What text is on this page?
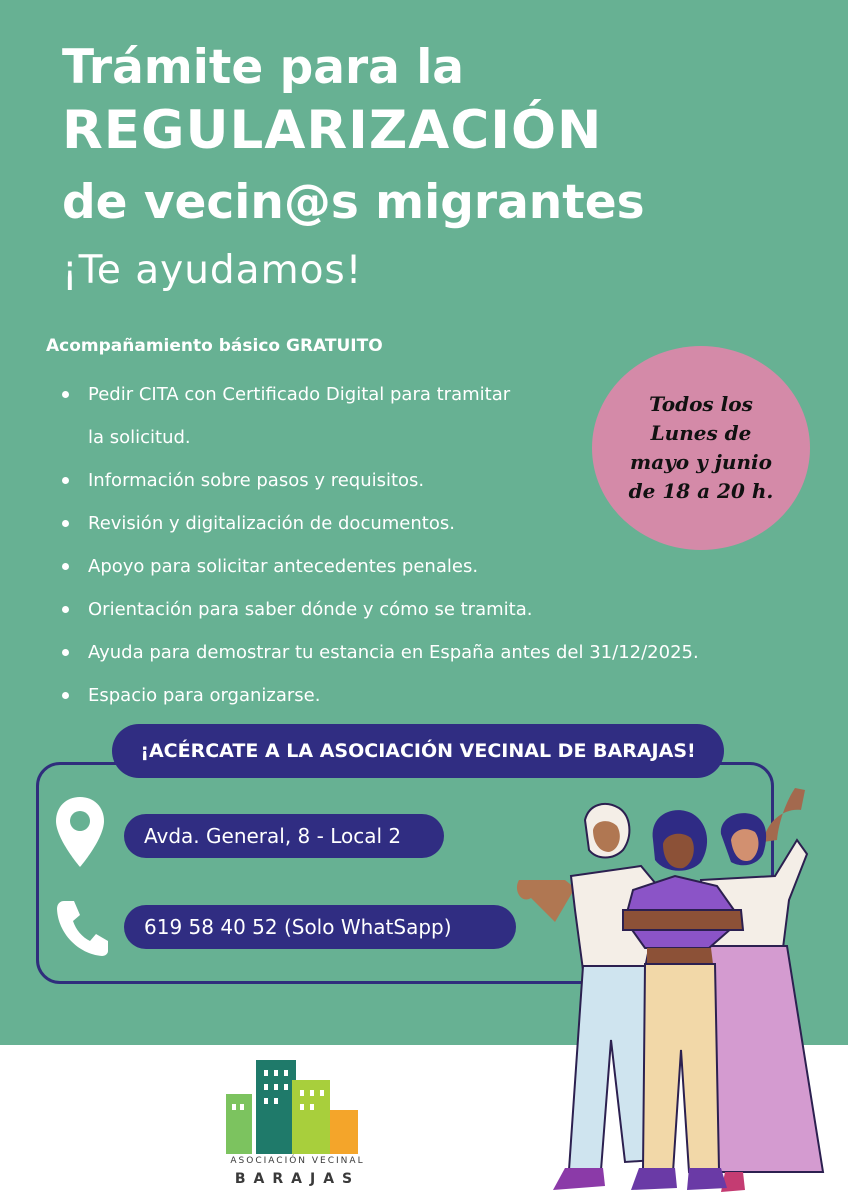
Trámite para la
REGULARIZACIÓN
de vecin@s migrantes
¡Te ayudamos!

Acompañamiento básico GRATUITO

Pedir CITA con Certificado Digital para tramitar
la solicitud.
Información sobre pasos y requisitos.
Revisión y digitalización de documentos.
Apoyo para solicitar antecedentes penales.
Orientación para saber dónde y cómo se tramita.
Ayuda para demostrar tu estancia en España antes del 31/12/2025.
Espacio para organizarse.
Todos los
Lunes de
mayo y junio
de 18 a 20 h.
¡ACÉRCATE A LA ASOCIACIÓN VECINAL DE BARAJAS!
Avda. General, 8 - Local 2
619 58 40 52 (Solo WhatSapp)
ASOCIACIÓN VECINAL
BARAJAS
